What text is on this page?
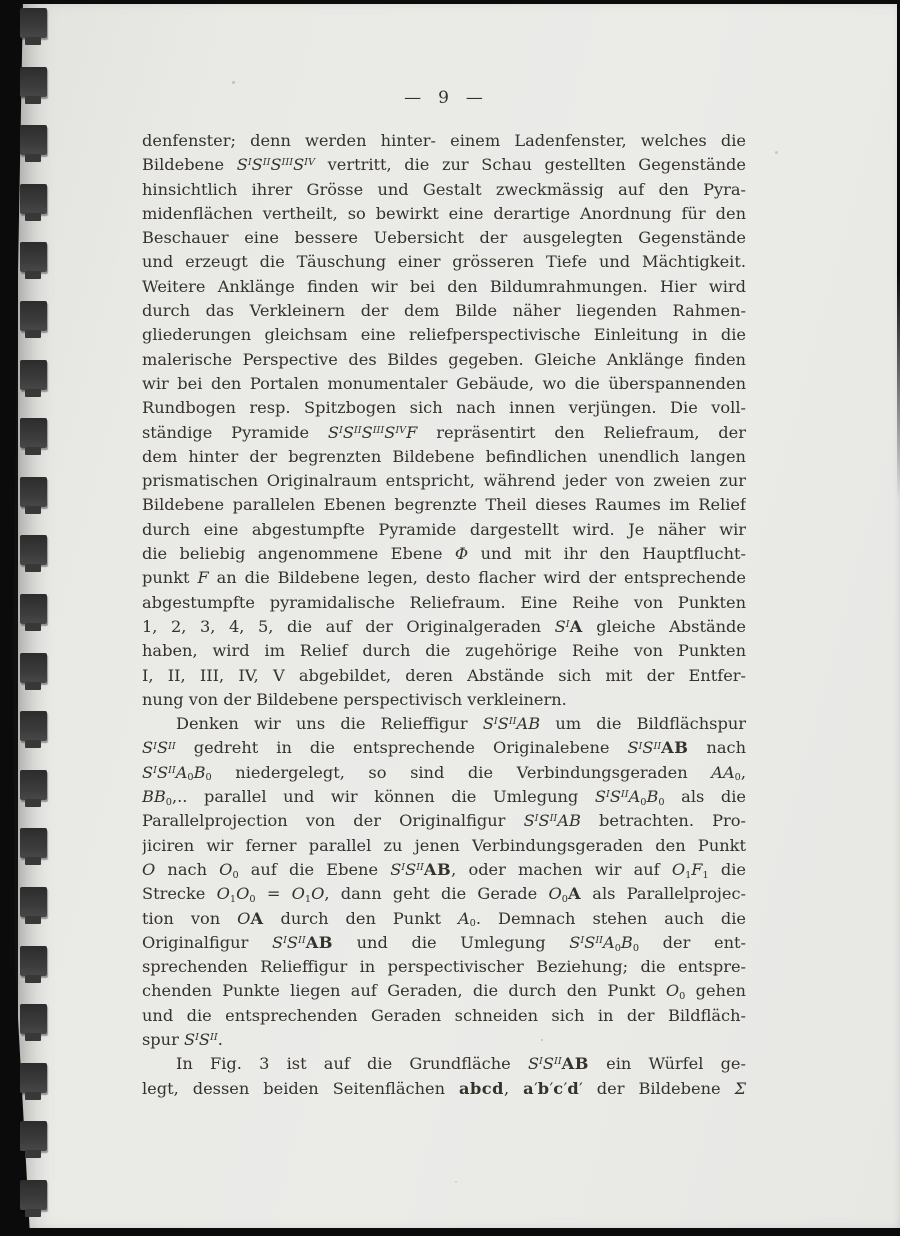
— 9 —
denfenster; denn werden hinter- einem Ladenfenster, welches die
Bildebene $S^IS^{II}S^{III}S^{IV}$ vertritt, die zur Schau gestellten Gegenstände
hinsichtlich ihrer Grösse und Gestalt zweckmässig auf den Pyra-
midenflächen vertheilt, so bewirkt eine derartige Anordnung für den
Beschauer eine bessere Uebersicht der ausgelegten Gegenstände
und erzeugt die Täuschung einer grösseren Tiefe und Mächtigkeit.
Weitere Anklänge finden wir bei den Bildumrahmungen. Hier wird
durch das Verkleinern der dem Bilde näher liegenden Rahmen-
gliederungen gleichsam eine reliefperspectivische Einleitung in die
malerische Perspective des Bildes gegeben. Gleiche Anklänge finden
wir bei den Portalen monumentaler Gebäude, wo die überspannenden
Rundbogen resp. Spitzbogen sich nach innen verjüngen. Die voll-
ständige Pyramide $S^IS^{II}S^{III}S^{IV}F$ repräsentirt den Reliefraum, der
dem hinter der begrenzten Bildebene befindlichen unendlich langen
prismatischen Originalraum entspricht, während jeder von zweien zur
Bildebene parallelen Ebenen begrenzte Theil dieses Raumes im Relief
durch eine abgestumpfte Pyramide dargestellt wird. Je näher wir
die beliebig angenommene Ebene Φ und mit ihr den Hauptflucht-
punkt F an die Bildebene legen, desto flacher wird der entsprechende
abgestumpfte pyramidalische Reliefraum. Eine Reihe von Punkten
1, 2, 3, 4, 5, die auf der Originalgeraden $S^IA$ gleiche Abstände
haben, wird im Relief durch die zugehörige Reihe von Punkten
I, II, III, IV, V abgebildet, deren Abstände sich mit der Entfer-
nung von der Bildebene perspectivisch verkleinern.
Denken wir uns die Relieffigur $S^IS^{II}AB$ um die Bildflächspur
$S^IS^{II}$ gedreht in die entsprechende Originalebene $S^IS^{II}AB$ nach
$S^IS^{II}A_0B_0$ niedergelegt, so sind die Verbindungsgeraden $AA_0$,
$BB_0$,.. parallel und wir können die Umlegung $S^IS^{II}A_0B_0$ als die
Parallelprojection von der Originalfigur $S^IS^{II}AB$ betrachten. Pro-
jiciren wir ferner parallel zu jenen Verbindungsgeraden den Punkt
O nach $O_0$ auf die Ebene $S^IS^{II}AB$, oder machen wir auf $O_1F_1$ die
Strecke $O_1O_0 = O_1O$, dann geht die Gerade $O_0A$ als Parallelprojec-
tion von OA durch den Punkt $A_0$. Demnach stehen auch die
Originalfigur $S^IS^{II}AB$ und die Umlegung $S^IS^{II}A_0B_0$ der ent-
sprechenden Relieffigur in perspectivischer Beziehung; die entspre-
chenden Punkte liegen auf Geraden, die durch den Punkt $O_0$ gehen
und die entsprechenden Geraden schneiden sich in der Bildfläch-
spur $S^IS^{II}$.
In Fig. 3 ist auf die Grundfläche $S^IS^{II}AB$ ein Würfel ge-
legt, dessen beiden Seitenflächen abcd, a′b′c′d′ der Bildebene Σ
